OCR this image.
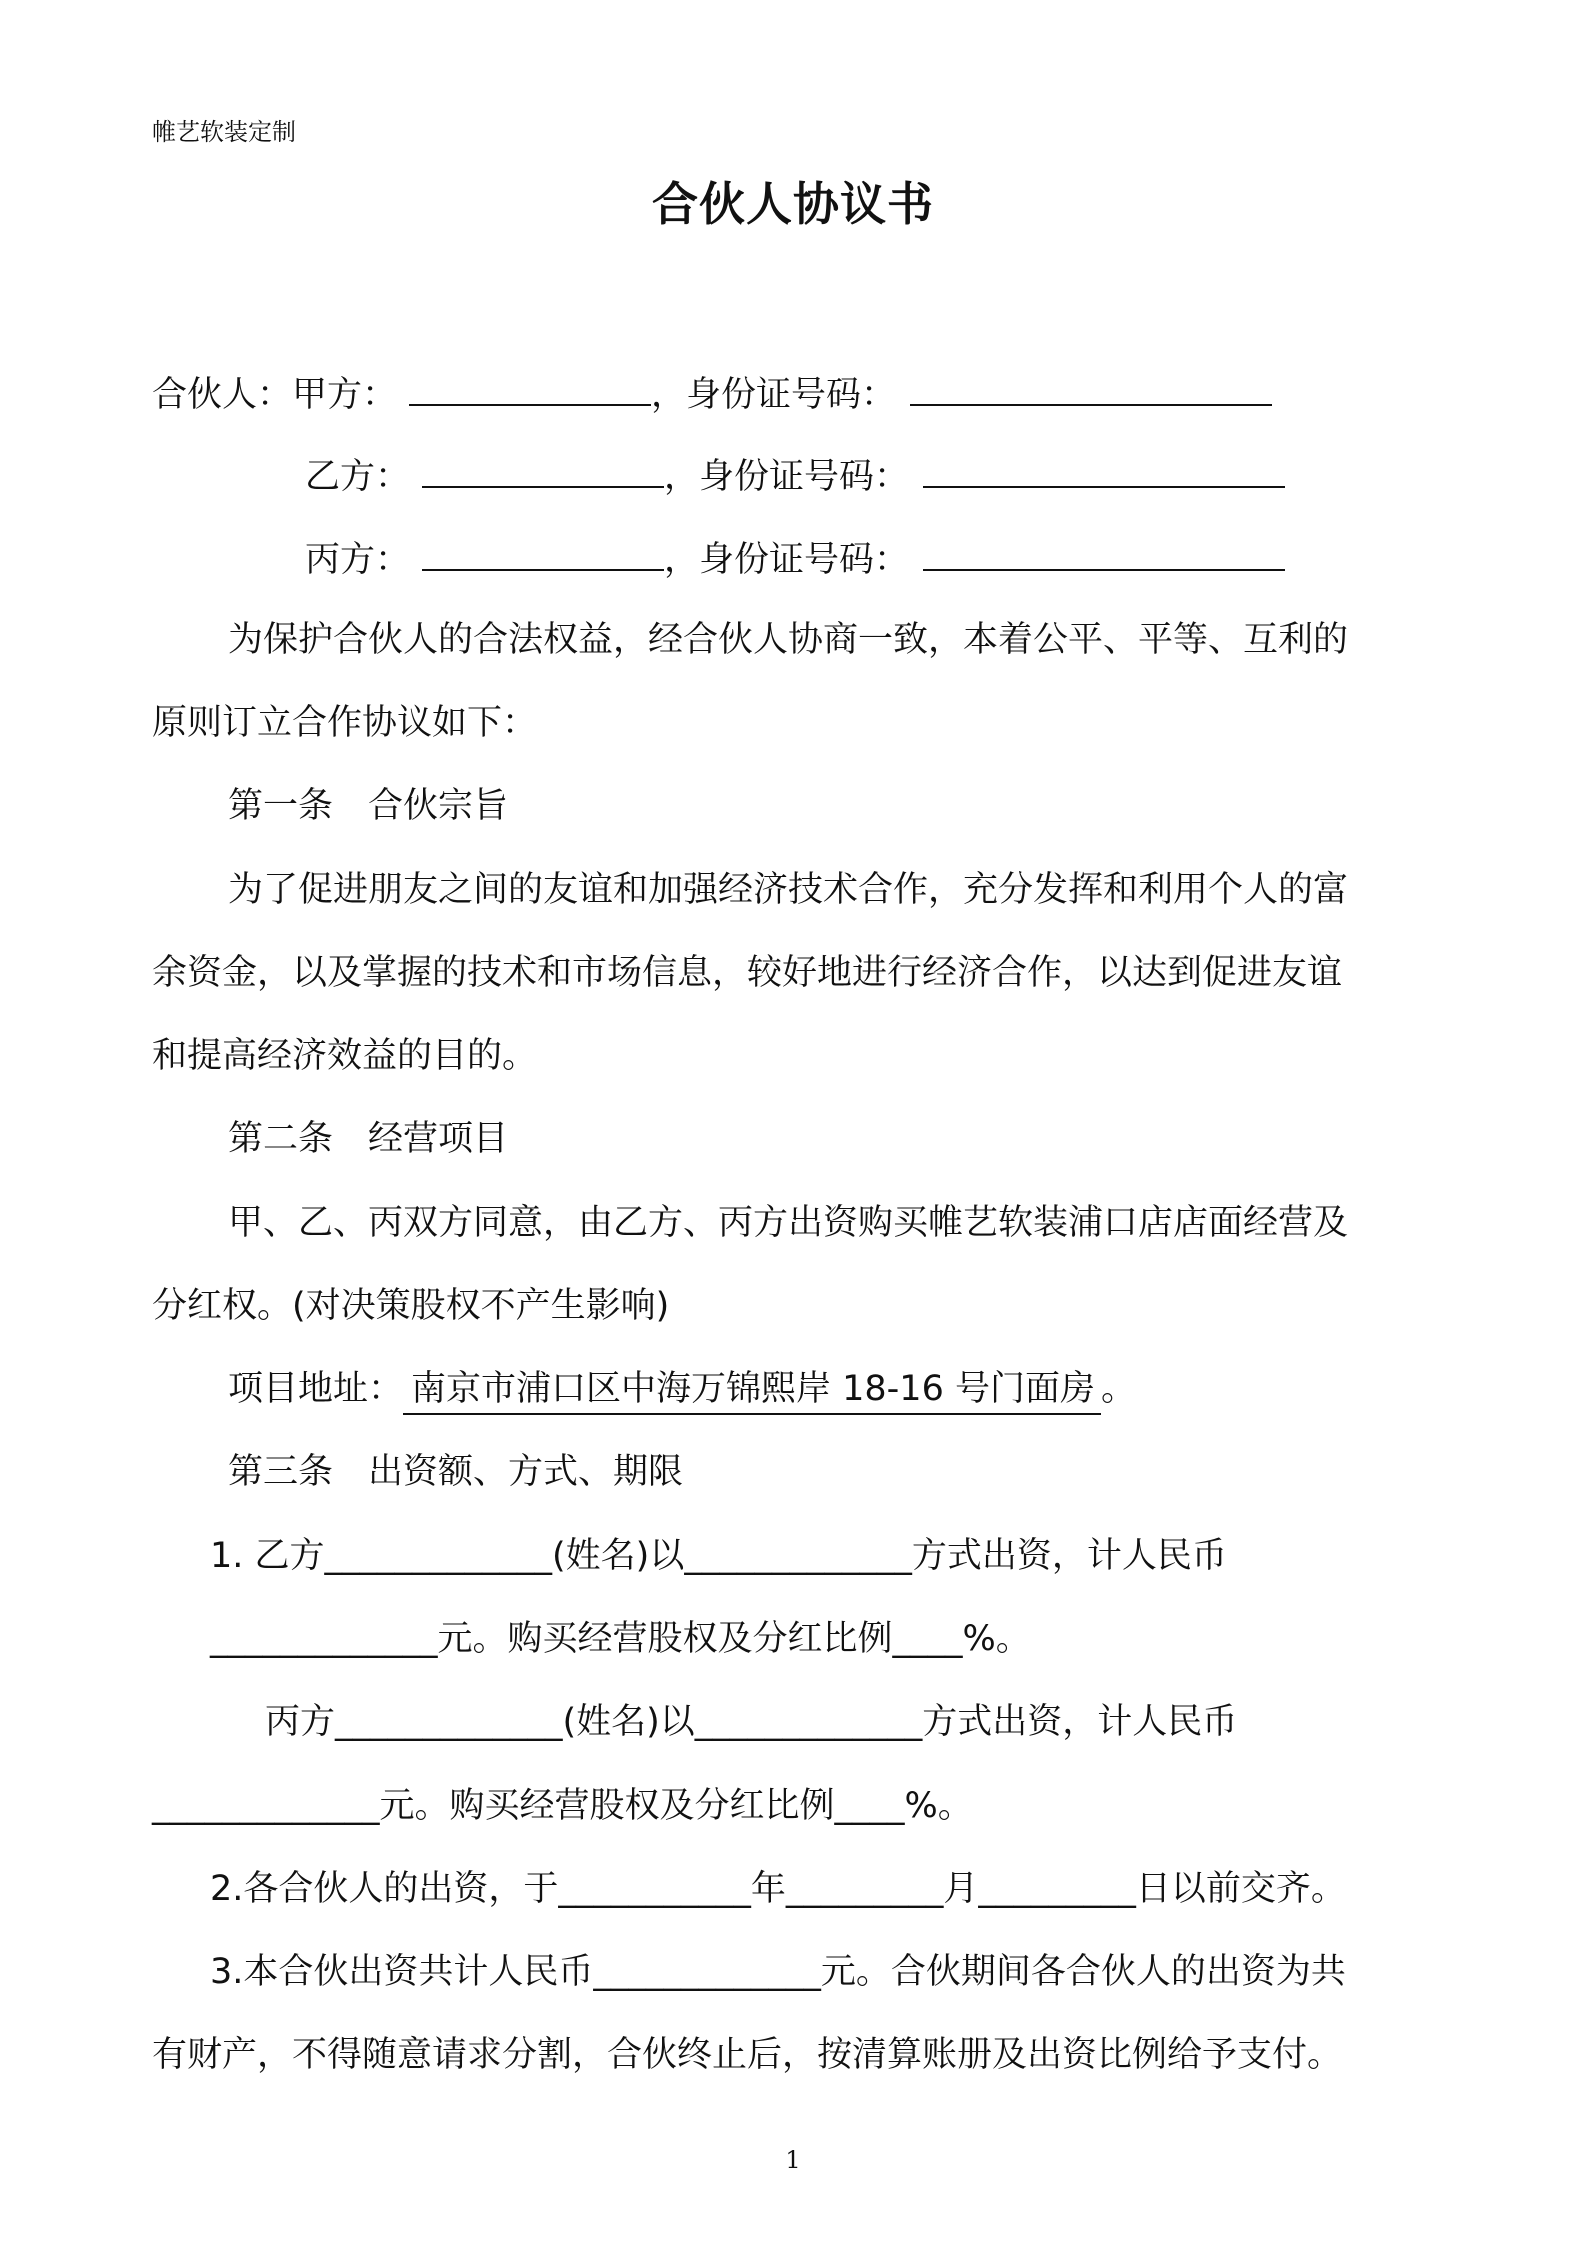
帷艺软装定制
合伙人协议书
合伙人：甲方：	，身份证号码：
乙方：	，身份证号码：
丙方：	，身份证号码：
为保护合伙人的合法权益，经合伙人协商一致，本着公平、平等、互利的
原则订立合作协议如下：
第一条　合伙宗旨
为了促进朋友之间的友谊和加强经济技术合作，充分发挥和利用个人的富
余资金，以及掌握的技术和市场信息，较好地进行经济合作，以达到促进友谊
和提高经济效益的目的。
第二条　经营项目
甲、乙、丙双方同意，由乙方、丙方出资购买帷艺软装浦口店店面经营及
分红权。(对决策股权不产生影响)
项目地址： 南京市浦口区中海万锦熙岸 18-16 号门面房 。
第三条　出资额、方式、期限
1. 乙方_____________(姓名)以_____________方式出资，计人民币
_____________元。购买经营股权及分红比例____%。
丙方_____________(姓名)以_____________方式出资，计人民币
_____________元。购买经营股权及分红比例____%。
2.各合伙人的出资，于___________年_________月_________日以前交齐。
3.本合伙出资共计人民币_____________元。合伙期间各合伙人的出资为共
有财产，不得随意请求分割，合伙终止后，按清算账册及出资比例给予支付。
1
